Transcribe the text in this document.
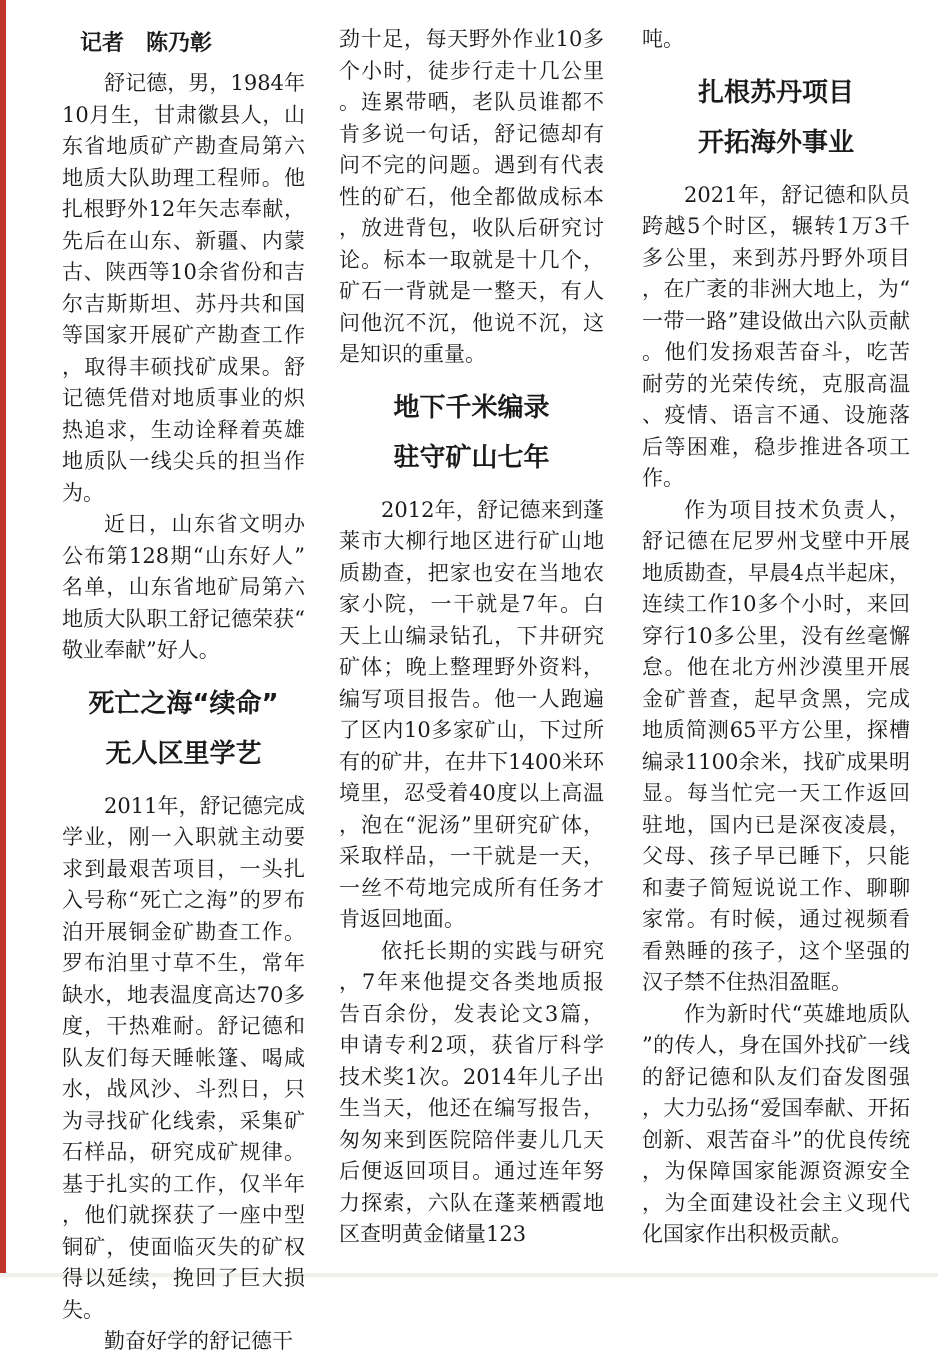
记者　陈乃彰

舒记德，男，1984年10月生，甘肃徽县人，山东省地质矿产勘查局第六地质大队助理工程师。他扎根野外12年矢志奉献，先后在山东、新疆、内蒙古、陕西等10余省份和吉尔吉斯斯坦、苏丹共和国等国家开展矿产勘查工作，取得丰硕找矿成果。舒记德凭借对地质事业的炽热追求，生动诠释着英雄地质队一线尖兵的担当作为。

近日，山东省文明办公布第128期“山东好人”名单，山东省地矿局第六地质大队职工舒记德荣获“敬业奉献”好人。

死亡之海“续命”
无人区里学艺

2011年，舒记德完成学业，刚一入职就主动要求到最艰苦项目，一头扎入号称“死亡之海”的罗布泊开展铜金矿勘查工作。罗布泊里寸草不生，常年缺水，地表温度高达70多度，干热难耐。舒记德和队友们每天睡帐篷、喝咸水，战风沙、斗烈日，只为寻找矿化线索，采集矿石样品，研究成矿规律。基于扎实的工作，仅半年，他们就探获了一座中型铜矿，使面临灭失的矿权得以延续，挽回了巨大损失。

勤奋好学的舒记德干

劲十足，每天野外作业10多个小时，徒步行走十几公里。连累带晒，老队员谁都不肯多说一句话，舒记德却有问不完的问题。遇到有代表性的矿石，他全都做成标本，放进背包，收队后研究讨论。标本一取就是十几个，矿石一背就是一整天，有人问他沉不沉，他说不沉，这是知识的重量。

地下千米编录
驻守矿山七年

2012年，舒记德来到蓬莱市大柳行地区进行矿山地质勘查，把家也安在当地农家小院，一干就是7年。白天上山编录钻孔，下井研究矿体；晚上整理野外资料，编写项目报告。他一人跑遍了区内10多家矿山，下过所有的矿井，在井下1400米环境里，忍受着40度以上高温，泡在“泥汤”里研究矿体，采取样品，一干就是一天，一丝不苟地完成所有任务才肯返回地面。

依托长期的实践与研究，7年来他提交各类地质报告百余份，发表论文3篇，申请专利2项，获省厅科学技术奖1次。2014年儿子出生当天，他还在编写报告，匆匆来到医院陪伴妻儿几天后便返回项目。通过连年努力探索，六队在蓬莱栖霞地区查明黄金储量123

吨。

扎根苏丹项目
开拓海外事业

2021年，舒记德和队员跨越5个时区，辗转1万3千多公里，来到苏丹野外项目，在广袤的非洲大地上，为“一带一路”建设做出六队贡献。他们发扬艰苦奋斗，吃苦耐劳的光荣传统，克服高温、疫情、语言不通、设施落后等困难，稳步推进各项工作。

作为项目技术负责人，舒记德在尼罗州戈壁中开展地质勘查，早晨4点半起床，连续工作10多个小时，来回穿行10多公里，没有丝毫懈怠。他在北方州沙漠里开展金矿普查，起早贪黑，完成地质简测65平方公里，探槽编录1100余米，找矿成果明显。每当忙完一天工作返回驻地，国内已是深夜凌晨，父母、孩子早已睡下，只能和妻子简短说说工作、聊聊家常。有时候，通过视频看看熟睡的孩子，这个坚强的汉子禁不住热泪盈眶。

作为新时代“英雄地质队”的传人，身在国外找矿一线的舒记德和队友们奋发图强，大力弘扬“爱国奉献、开拓创新、艰苦奋斗”的优良传统，为保障国家能源资源安全，为全面建设社会主义现代化国家作出积极贡献。
